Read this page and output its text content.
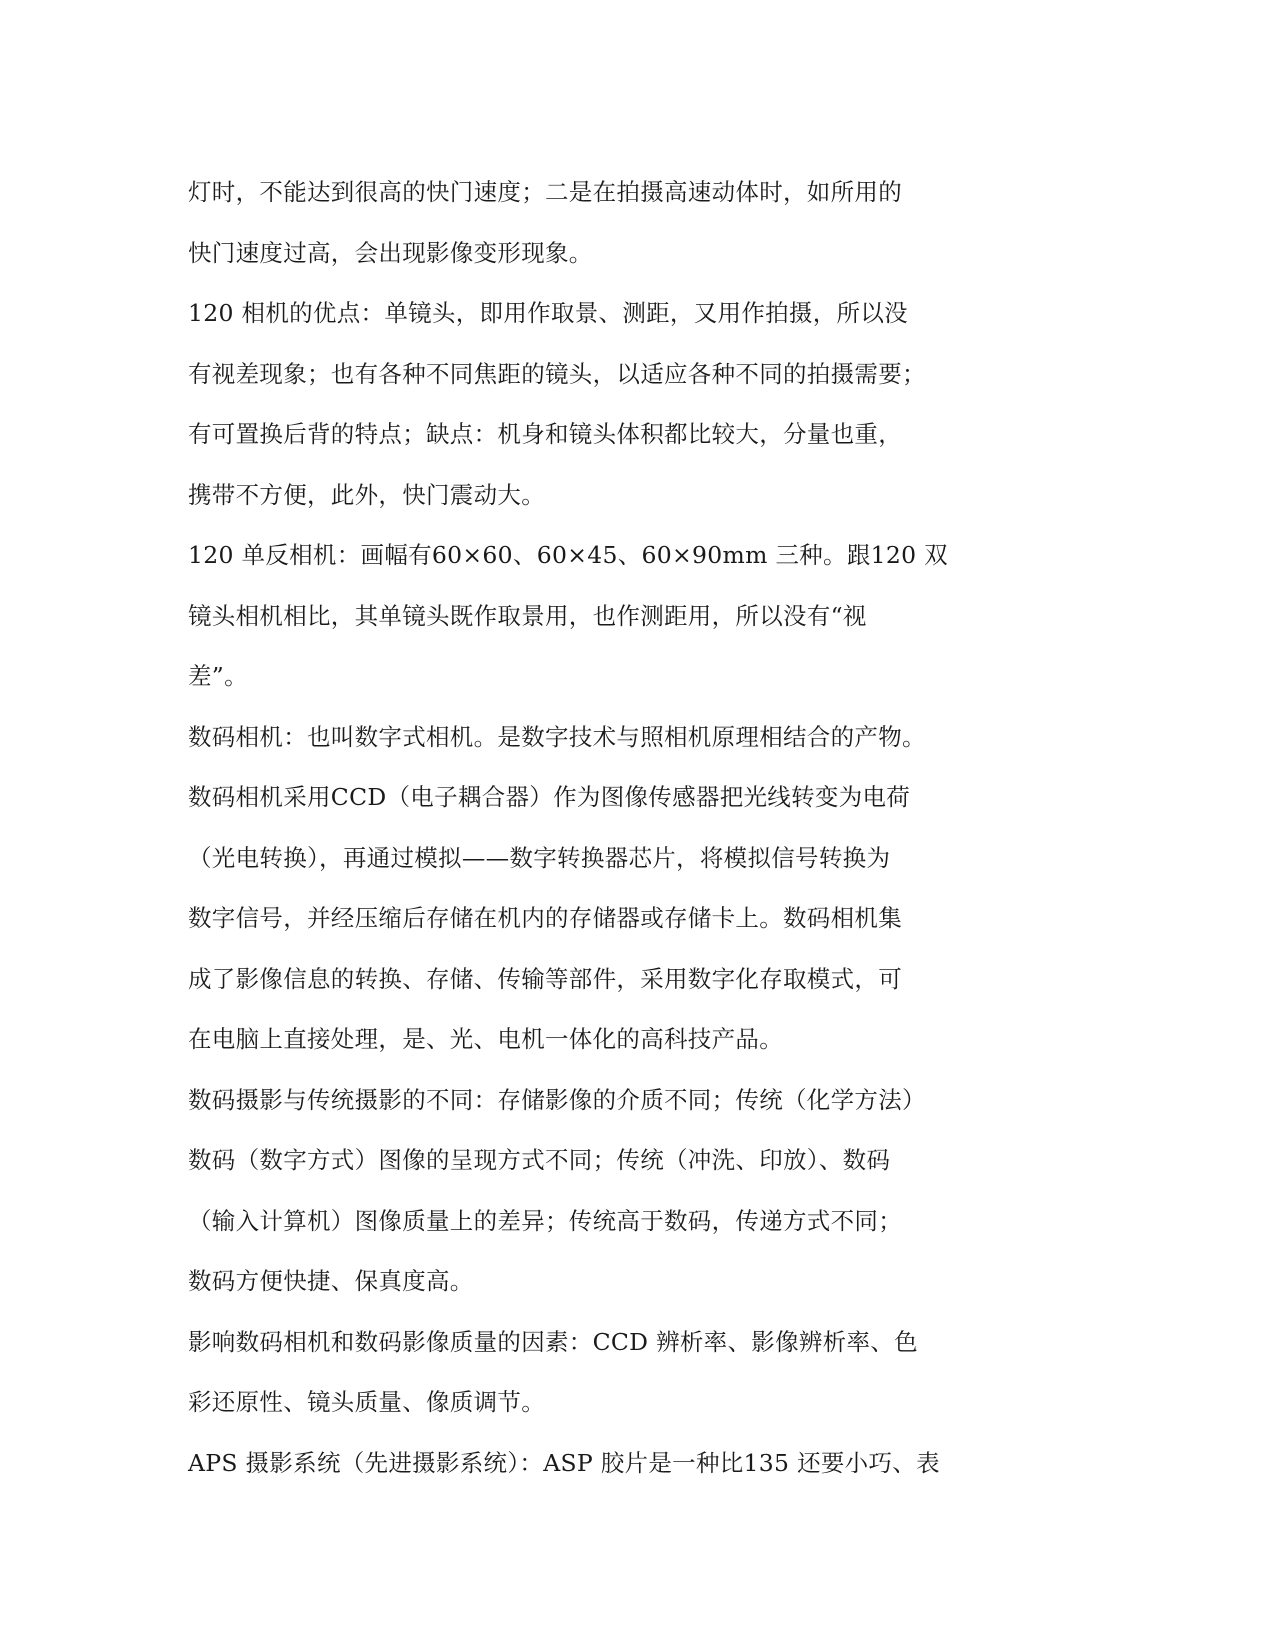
灯时，不能达到很高的快门速度；二是在拍摄高速动体时，如所用的
快门速度过高，会出现影像变形现象。
120 相机的优点：单镜头，即用作取景、测距，又用作拍摄，所以没
有视差现象；也有各种不同焦距的镜头，以适应各种不同的拍摄需要；
有可置换后背的特点；缺点：机身和镜头体积都比较大，分量也重，
携带不方便，此外，快门震动大。
120 单反相机：画幅有60×60、60×45、60×90mm 三种。跟120 双
镜头相机相比，其单镜头既作取景用，也作测距用，所以没有“视
差”。
数码相机：也叫数字式相机。是数字技术与照相机原理相结合的产物。
数码相机采用CCD（电子耦合器）作为图像传感器把光线转变为电荷
（光电转换），再通过模拟——数字转换器芯片，将模拟信号转换为
数字信号，并经压缩后存储在机内的存储器或存储卡上。数码相机集
成了影像信息的转换、存储、传输等部件，采用数字化存取模式，可
在电脑上直接处理，是、光、电机一体化的高科技产品。
数码摄影与传统摄影的不同：存储影像的介质不同；传统（化学方法）
数码（数字方式）图像的呈现方式不同；传统（冲洗、印放）、数码
（输入计算机）图像质量上的差异；传统高于数码，传递方式不同；
数码方便快捷、保真度高。
影响数码相机和数码影像质量的因素：CCD 辨析率、影像辨析率、色
彩还原性、镜头质量、像质调节。
APS 摄影系统（先进摄影系统）：ASP 胶片是一种比135 还要小巧、表
